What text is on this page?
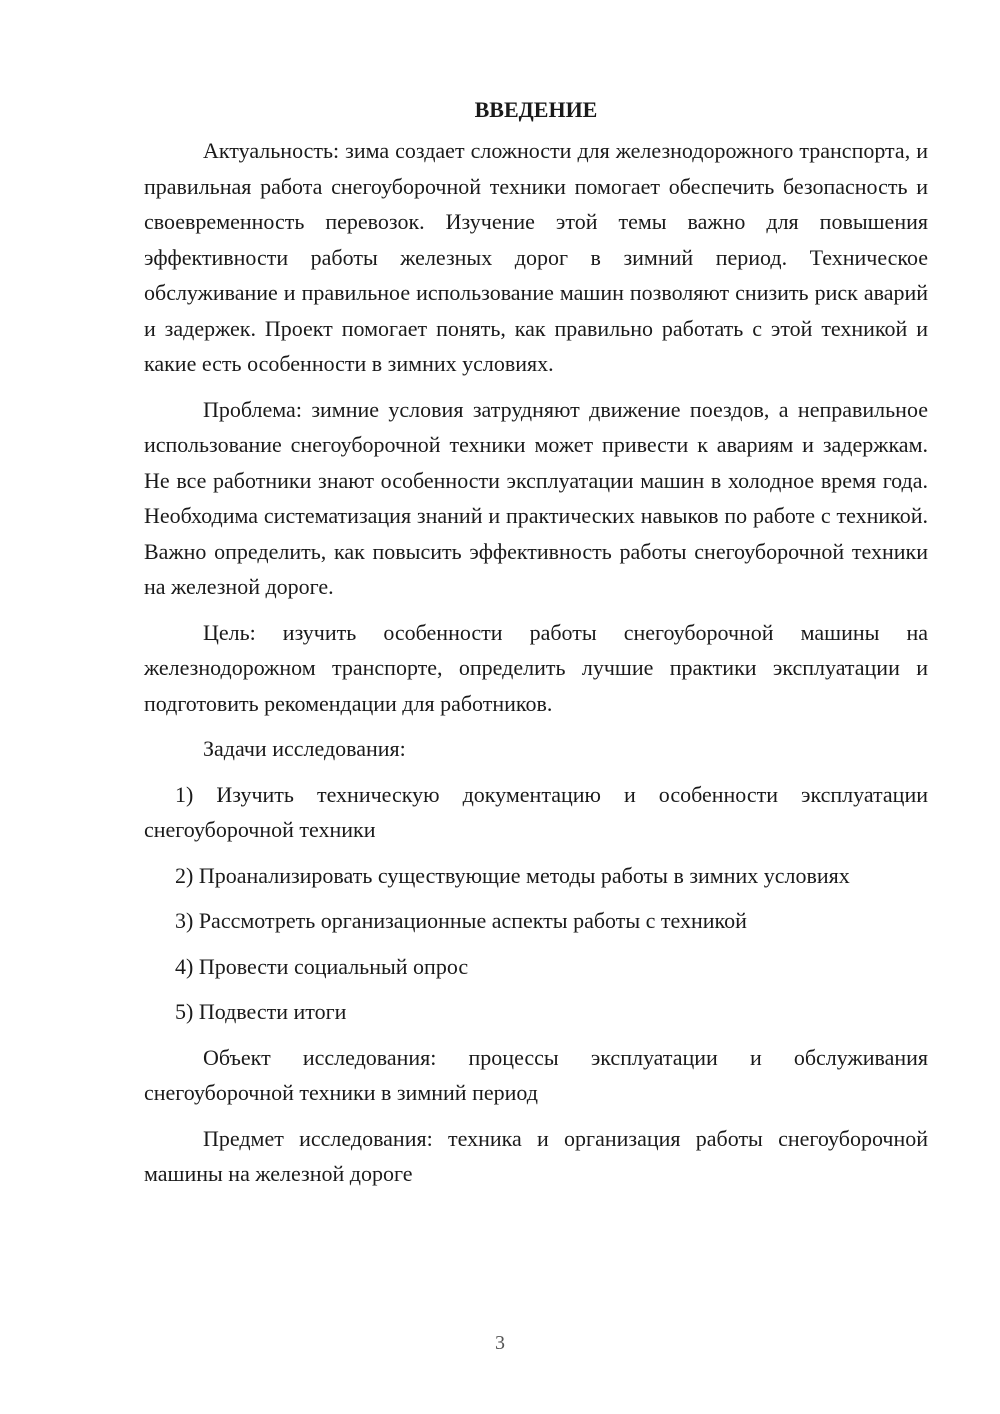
ВВЕДЕНИЕ

Актуальность: зима создает сложности для железнодорожного транспорта, и правильная работа снегоуборочной техники помогает обеспечить безопасность и своевременность перевозок. Изучение этой темы важно для повышения эффективности работы железных дорог в зимний период. Техническое обслуживание и правильное использование машин позволяют снизить риск аварий и задержек. Проект помогает понять, как правильно работать с этой техникой и какие есть особенности в зимних условиях.

Проблема: зимние условия затрудняют движение поездов, а неправильное использование снегоуборочной техники может привести к авариям и задержкам. Не все работники знают особенности эксплуатации машин в холодное время года. Необходима систематизация знаний и практических навыков по работе с техникой. Важно определить, как повысить эффективность работы снегоуборочной техники на железной дороге.

Цель: изучить особенности работы снегоуборочной машины на железнодорожном транспорте, определить лучшие практики эксплуатации и подготовить рекомендации для работников.

Задачи исследования:

1) Изучить техническую документацию и особенности эксплуатации снегоуборочной техники

2) Проанализировать существующие методы работы в зимних условиях

3) Рассмотреть организационные аспекты работы с техникой

4) Провести социальный опрос

5) Подвести итоги

Объект исследования: процессы эксплуатации и обслуживания снегоуборочной техники в зимний период

Предмет исследования: техника и организация работы снегоуборочной машины на железной дороге

3
